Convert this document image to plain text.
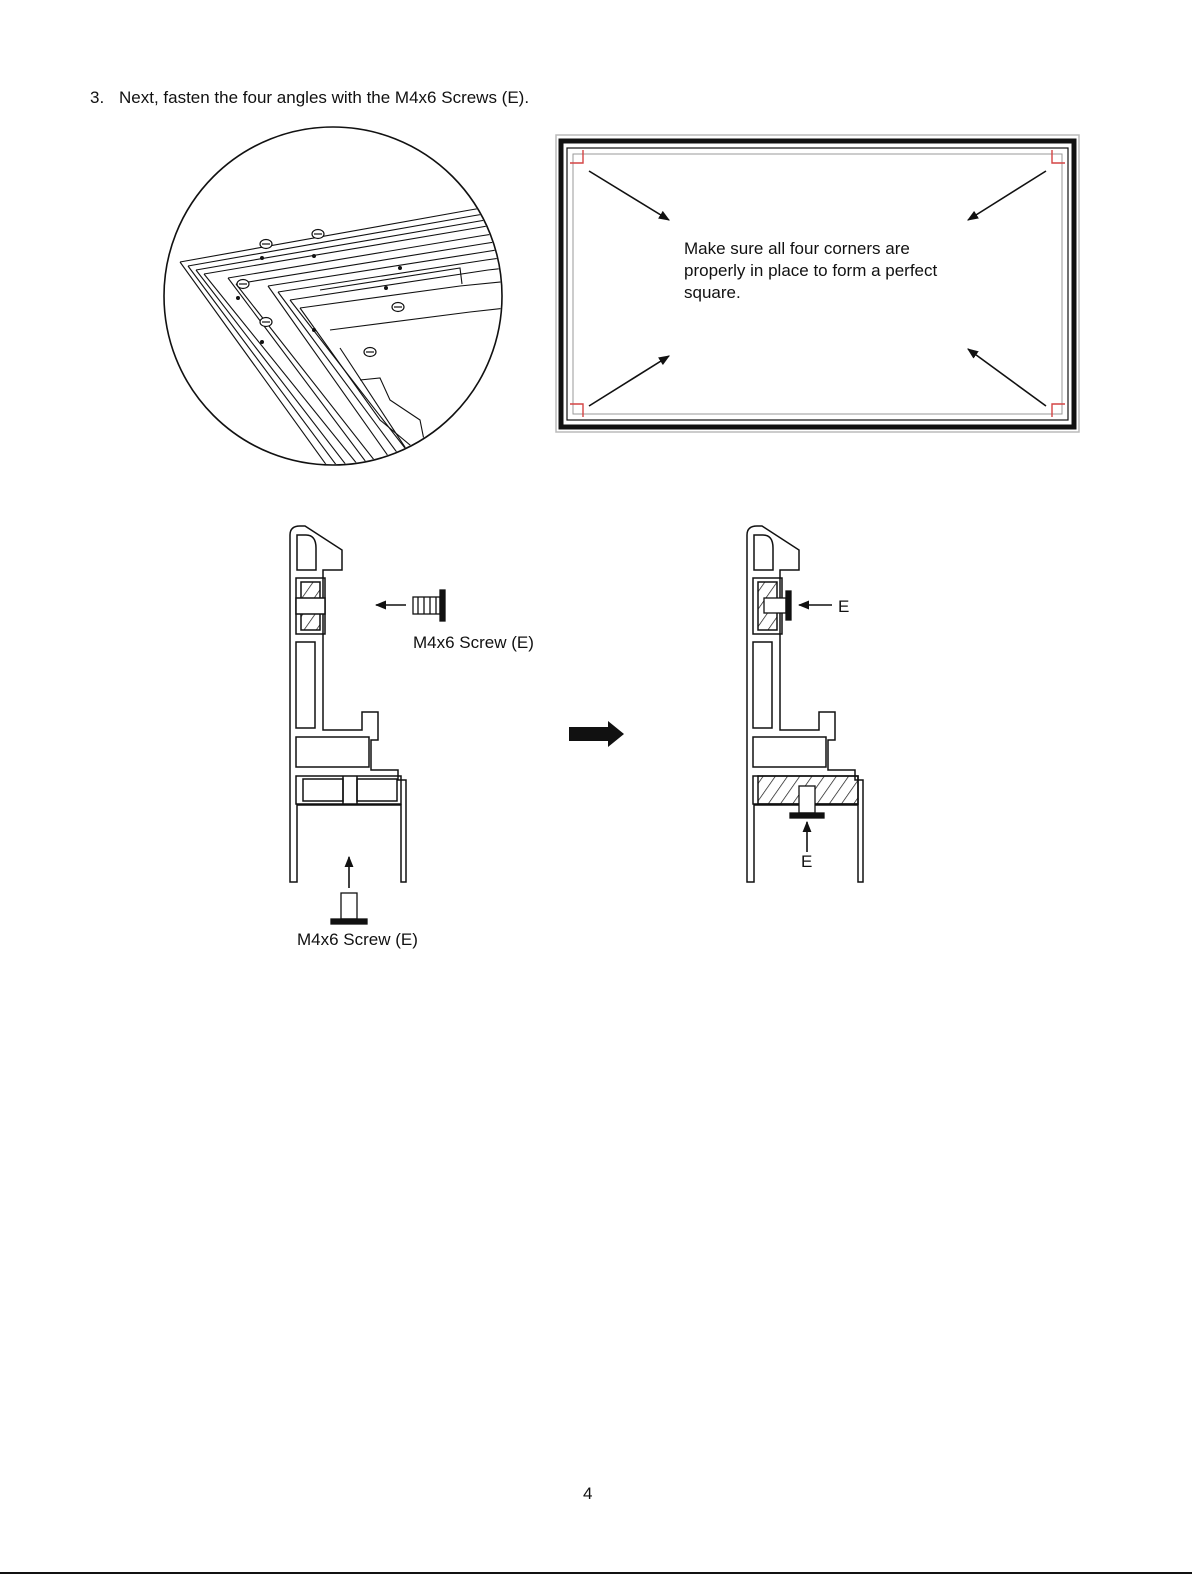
3. Next, fasten the four angles with the M4x6 Screws (E).
Make sure all four corners are properly in place to form a perfect square.
M4x6 Screw (E)
M4x6 Screw (E)
E
E
4
